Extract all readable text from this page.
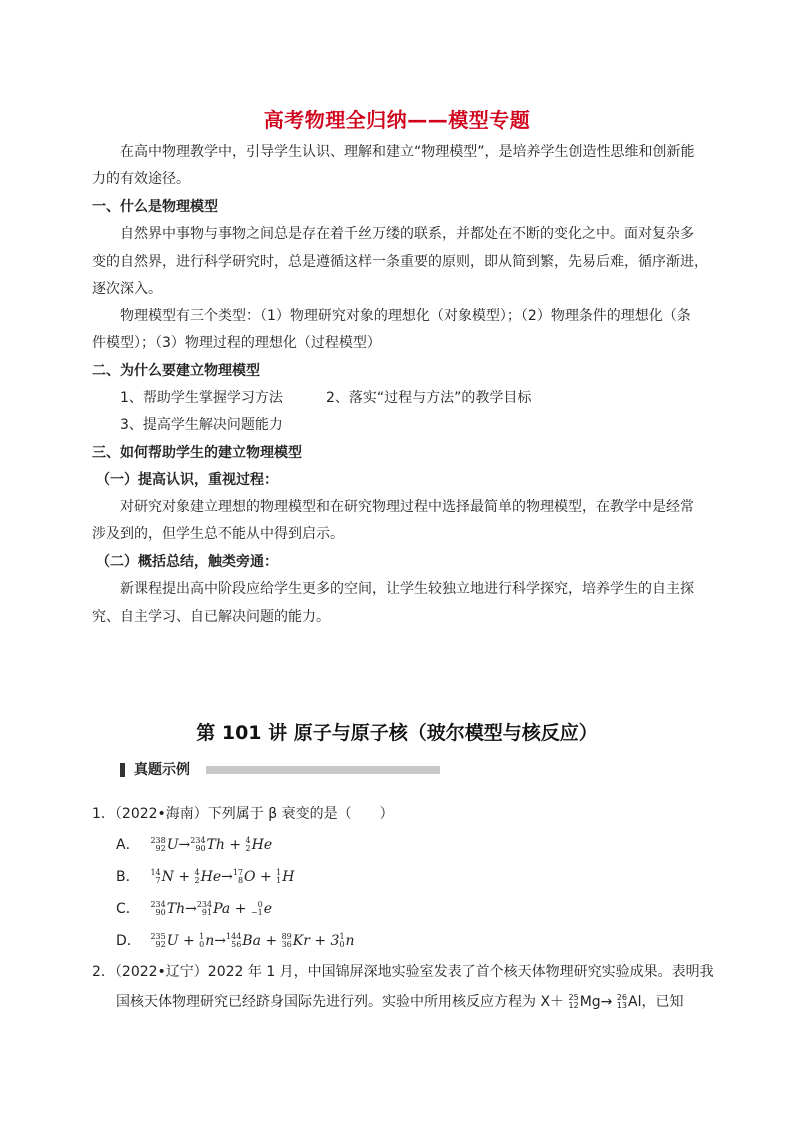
高考物理全归纳——模型专题
在高中物理教学中，引导学生认识、理解和建立“物理模型”，是培养学生创造性思维和创新能
力的有效途径。
一、什么是物理模型
自然界中事物与事物之间总是存在着千丝万缕的联系，并都处在不断的变化之中。面对复杂多
变的自然界，进行科学研究时，总是遵循这样一条重要的原则，即从简到繁，先易后难，循序渐进，
逐次深入。
物理模型有三个类型：（1）物理研究对象的理想化（对象模型）；（2）物理条件的理想化（条
件模型）；（3）物理过程的理想化（过程模型）
二、为什么要建立物理模型
1、帮助学生掌握学习方法	2、落实“过程与方法”的教学目标
3、提高学生解决问题能力
三、如何帮助学生的建立物理模型
（一）提高认识，重视过程：
对研究对象建立理想的物理模型和在研究物理过程中选择最简单的物理模型，在教学中是经常
涉及到的，但学生总不能从中得到启示。
（二）概括总结，触类旁通：
新课程提出高中阶段应给学生更多的空间，让学生较独立地进行科学探究，培养学生的自主探
究、自主学习、自已解决问题的能力。
第 101 讲 原子与原子核（玻尔模型与核反应）
真题示例
1．（2022•海南）下列属于 β 衰变的是（　　）
A． 238
92 U→ 234
90 Th + 4
2 He
B． 14
7 N + 4
2 He→ 17
8 O + 1
1 H
C． 234
90 Th→ 234
91 Pa + 0
−1 e
D． 235
92 U + 1
0 n→ 144
56 Ba + 89
36 Kr + 3 1
0 n
2．（2022•辽宁）2022 年 1 月，中国锦屏深地实验室发表了首个核天体物理研究实验成果。表明我
国核天体物理研究已经跻身国际先进行列。实验中所用核反应方程为 X＋ 25
12 Mg→ 26
13 Al，已知
